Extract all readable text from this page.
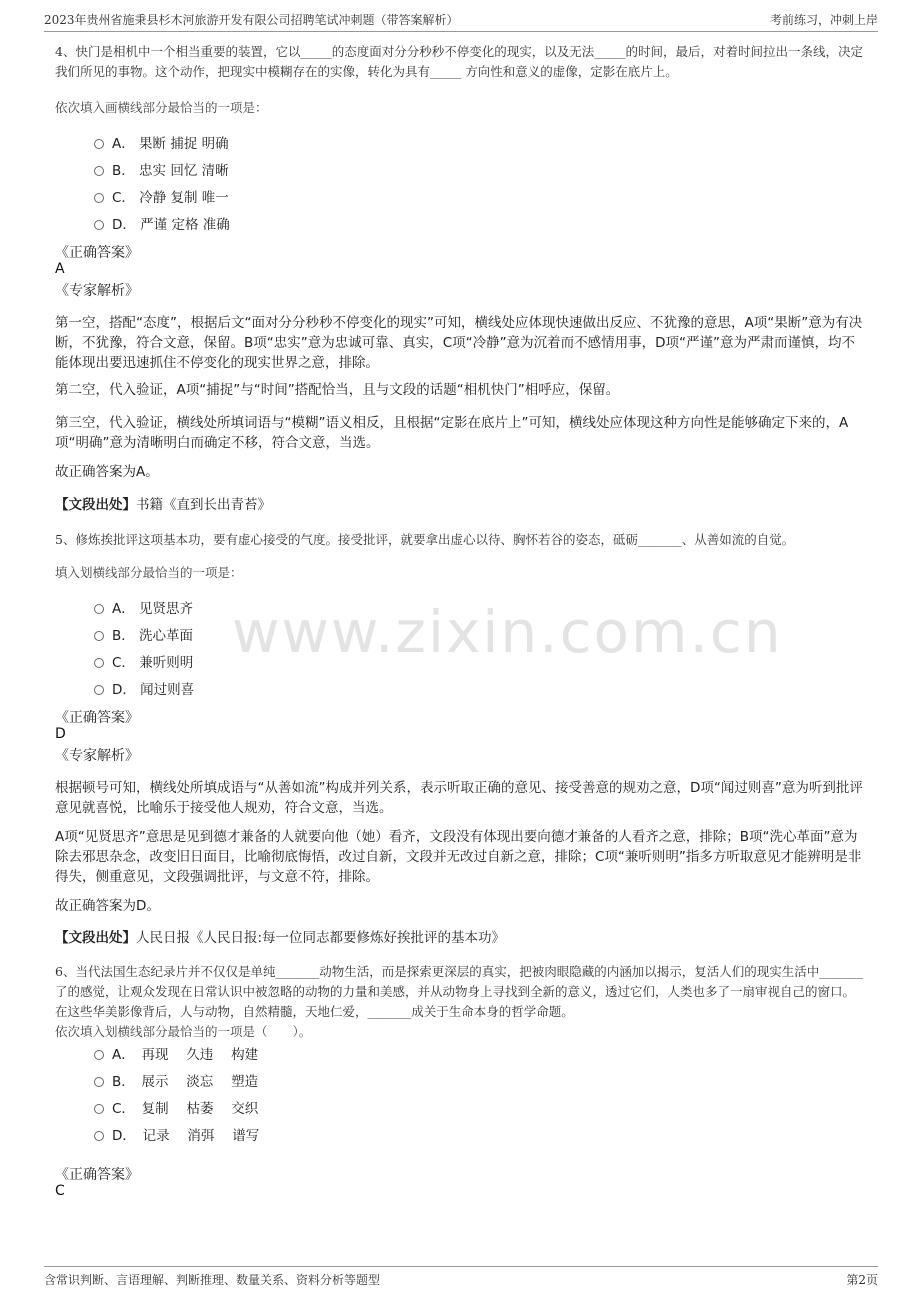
2023年贵州省施秉县杉木河旅游开发有限公司招聘笔试冲刺题（带答案解析）	考前练习，冲刺上岸
www.zixin.com.cn
4、快门是相机中一个相当重要的装置，它以_____的态度面对分分秒秒不停变化的现实，以及无法_____的时间，最后，对着时间拉出一条线，决定我们所见的事物。这个动作，把现实中模糊存在的实像，转化为具有_____ 方向性和意义的虚像，定影在底片上。
依次填入画横线部分最恰当的一项是：
A． 果断 捕捉 明确
B． 忠实 回忆 清晰
C． 冷静 复制 唯一
D． 严谨 定格 准确
《正确答案》
A
《专家解析》
第一空，搭配“态度”，根据后文“面对分分秒秒不停变化的现实”可知，横线处应体现快速做出反应、不犹豫的意思，A项“果断”意为有决断，不犹豫，符合文意，保留。B项“忠实”意为忠诚可靠、真实，C项“冷静”意为沉着而不感情用事，D项“严谨”意为严肃而谨慎，均不能体现出要迅速抓住不停变化的现实世界之意，排除。
第二空，代入验证，A项“捕捉”与“时间”搭配恰当，且与文段的话题“相机快门”相呼应，保留。
第三空，代入验证，横线处所填词语与“模糊”语义相反，且根据“定影在底片上”可知，横线处应体现这种方向性是能够确定下来的，A项“明确”意为清晰明白而确定不移，符合文意，当选。
故正确答案为A。
【文段出处】书籍《直到长出青苔》
5、修炼挨批评这项基本功，要有虚心接受的气度。接受批评，就要拿出虚心以待、胸怀若谷的姿态，砥砺_______、从善如流的自觉。
填入划横线部分最恰当的一项是：
A． 见贤思齐
B． 洗心革面
C． 兼听则明
D． 闻过则喜
《正确答案》
D
《专家解析》
根据顿号可知，横线处所填成语与“从善如流”构成并列关系，表示听取正确的意见、接受善意的规劝之意，D项“闻过则喜”意为听到批评意见就喜悦，比喻乐于接受他人规劝，符合文意，当选。
A项“见贤思齐”意思是见到德才兼备的人就要向他（她）看齐，文段没有体现出要向德才兼备的人看齐之意，排除；B项“洗心革面”意为除去邪思杂念，改变旧日面目，比喻彻底悔悟，改过自新，文段并无改过自新之意，排除；C项“兼听则明”指多方听取意见才能辨明是非得失，侧重意见，文段强调批评，与文意不符，排除。
故正确答案为D。
【文段出处】人民日报《人民日报:每一位同志都要修炼好挨批评的基本功》
6、当代法国生态纪录片并不仅仅是单纯_______动物生活，而是探索更深层的真实，把被肉眼隐藏的内涵加以揭示，复活人们的现实生活中_______了的感觉，让观众发现在日常认识中被忽略的动物的力量和美感，并从动物身上寻找到全新的意义，透过它们，人类也多了一扇审视自己的窗口。在这些华美影像背后，人与动物，自然精髓，天地仁爱，_______成关于生命本身的哲学命题。
依次填入划横线部分最恰当的一项是（　　）。
A．　再现　 久违　 构建
B．　展示　 淡忘　 塑造
C．　复制　 枯萎　 交织
D．　记录　 消弭　 谱写
《正确答案》
C
含常识判断、言语理解、判断推理、数量关系、资料分析等题型	第2页
